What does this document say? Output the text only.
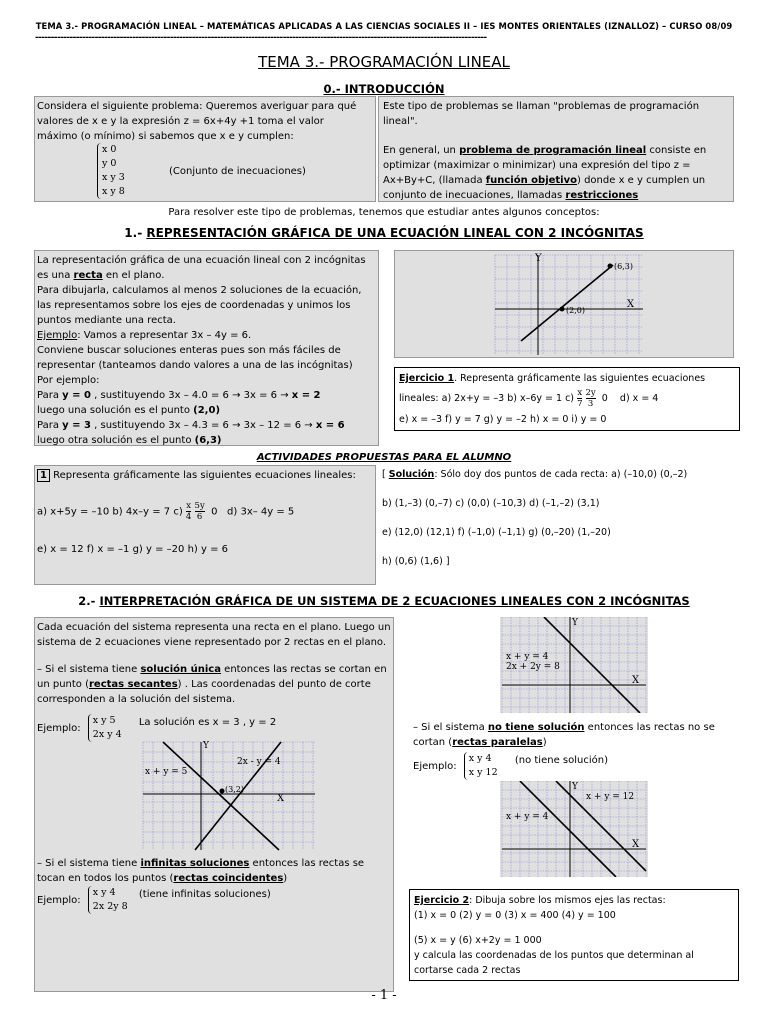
TEMA 3.- PROGRAMACIÓN LINEAL – MATEMÁTICAS APLICADAS A LAS CIENCIAS SOCIALES II – IES MONTES ORIENTALES (IZNALLOZ) – CURSO 08/09
------------------------------------------------------------------------------------------------------------------------------------------------
TEMA 3.- PROGRAMACIÓN LINEAL
0.- INTRODUCCIÓN
Considera el siguiente problema: Queremos averiguar para qué
valores de x e y la expresión z = 6x+4y +1 toma el valor
máximo (o mínimo) si sabemos que x e y cumplen:
x 0
y 0
x y 3
x y 8
(Conjunto de inecuaciones)
Este tipo de problemas se llaman "problemas de programación lineal".
En general, un problema de programación lineal consiste en optimizar (maximizar o minimizar) una expresión del tipo z = Ax+By+C, (llamada función objetivo) donde x e y cumplen un conjunto de inecuaciones, llamadas restricciones
Para resolver este tipo de problemas, tenemos que estudiar antes algunos conceptos:
1.- REPRESENTACIÓN GRÁFICA DE UNA ECUACIÓN LINEAL CON 2 INCÓGNITAS
La representación gráfica de una ecuación lineal con 2 incógnitas
es una recta en el plano.
Para dibujarla, calculamos al menos 2 soluciones de la ecuación,
las representamos sobre los ejes de coordenadas y unimos los
puntos mediante una recta.
Ejemplo: Vamos a representar 3x – 4y = 6.
Conviene buscar soluciones enteras pues son más fáciles de
representar (tanteamos dando valores a una de las incógnitas)
Por ejemplo:
Para y = 0 , sustituyendo 3x – 4.0 = 6 → 3x = 6 → x = 2
luego una solución es el punto (2,0)
Para y = 3 , sustituyendo 3x – 4.3 = 6 → 3x – 12 = 6 → x = 6
luego otra solución es el punto (6,3)
Y
X
(6,3)
(2,0)
Ejercicio 1. Representa gráficamente las siguientes ecuaciones
lineales: a) 2x+y = –3 b) x–6y = 1 $c) \frac{x}{7}$
$\frac{2y}{3} 0$ d) x = 4
e) x = –3 f) y = 7 g) y = –2 h) x = 0 i) y = 0
ACTIVIDADES PROPUESTAS PARA EL ALUMNO
1 Representa gráficamente las siguientes ecuaciones lineales:
a) x+5y = –10 b) 4x–y = 7 $c) \frac{x}{4}$
$\frac{5y}{6} 0$ d) 3x– 4y = 5
e) x = 12 f) x = –1 g) y = –20 h) y = 6
[ Solución: Sólo doy dos puntos de cada recta: a) (–10,0) (0,–2)
b) (1,–3) (0,–7) c) (0,0) (–10,3) d) (–1,–2) (3,1)
e) (12,0) (12,1) f) (–1,0) (–1,1) g) (0,–20) (1,–20)
h) (0,6) (1,6) ]
2.- INTERPRETACIÓN GRÁFICA DE UN SISTEMA DE 2 ECUACIONES LINEALES CON 2 INCÓGNITAS
Cada ecuación del sistema representa una recta en el plano. Luego un sistema de 2 ecuaciones viene representado por 2 rectas en el plano.
– Si el sistema tiene solución única entonces las rectas se cortan en un punto (rectas secantes) . Las coordenadas del punto de corte corresponden a la solución del sistema.
Ejemplo:
x y 5
2x y 4
La solución es x = 3 , y = 2
Y
X
x + y = 5
2x - y = 4
(3,2)
– Si el sistema tiene infinitas soluciones entonces las rectas se tocan en todos los puntos (rectas coincidentes)
Ejemplo:
x y 4
2x 2y 8
(tiene infinitas soluciones)
Y
X
x + y = 4
2x + 2y = 8
– Si el sistema no tiene solución entonces las rectas no se cortan (rectas paralelas)
Ejemplo:
x y 4
x y 12
(no tiene solución)
Y
X
x + y = 12
x + y = 4
Ejercicio 2: Dibuja sobre los mismos ejes las rectas:
(1) x = 0 (2) y = 0 (3) x = 400 (4) y = 100
(5) x = y (6) x+2y = 1 000
y calcula las coordenadas de los puntos que determinan al cortarse cada 2 rectas
- 1 -
